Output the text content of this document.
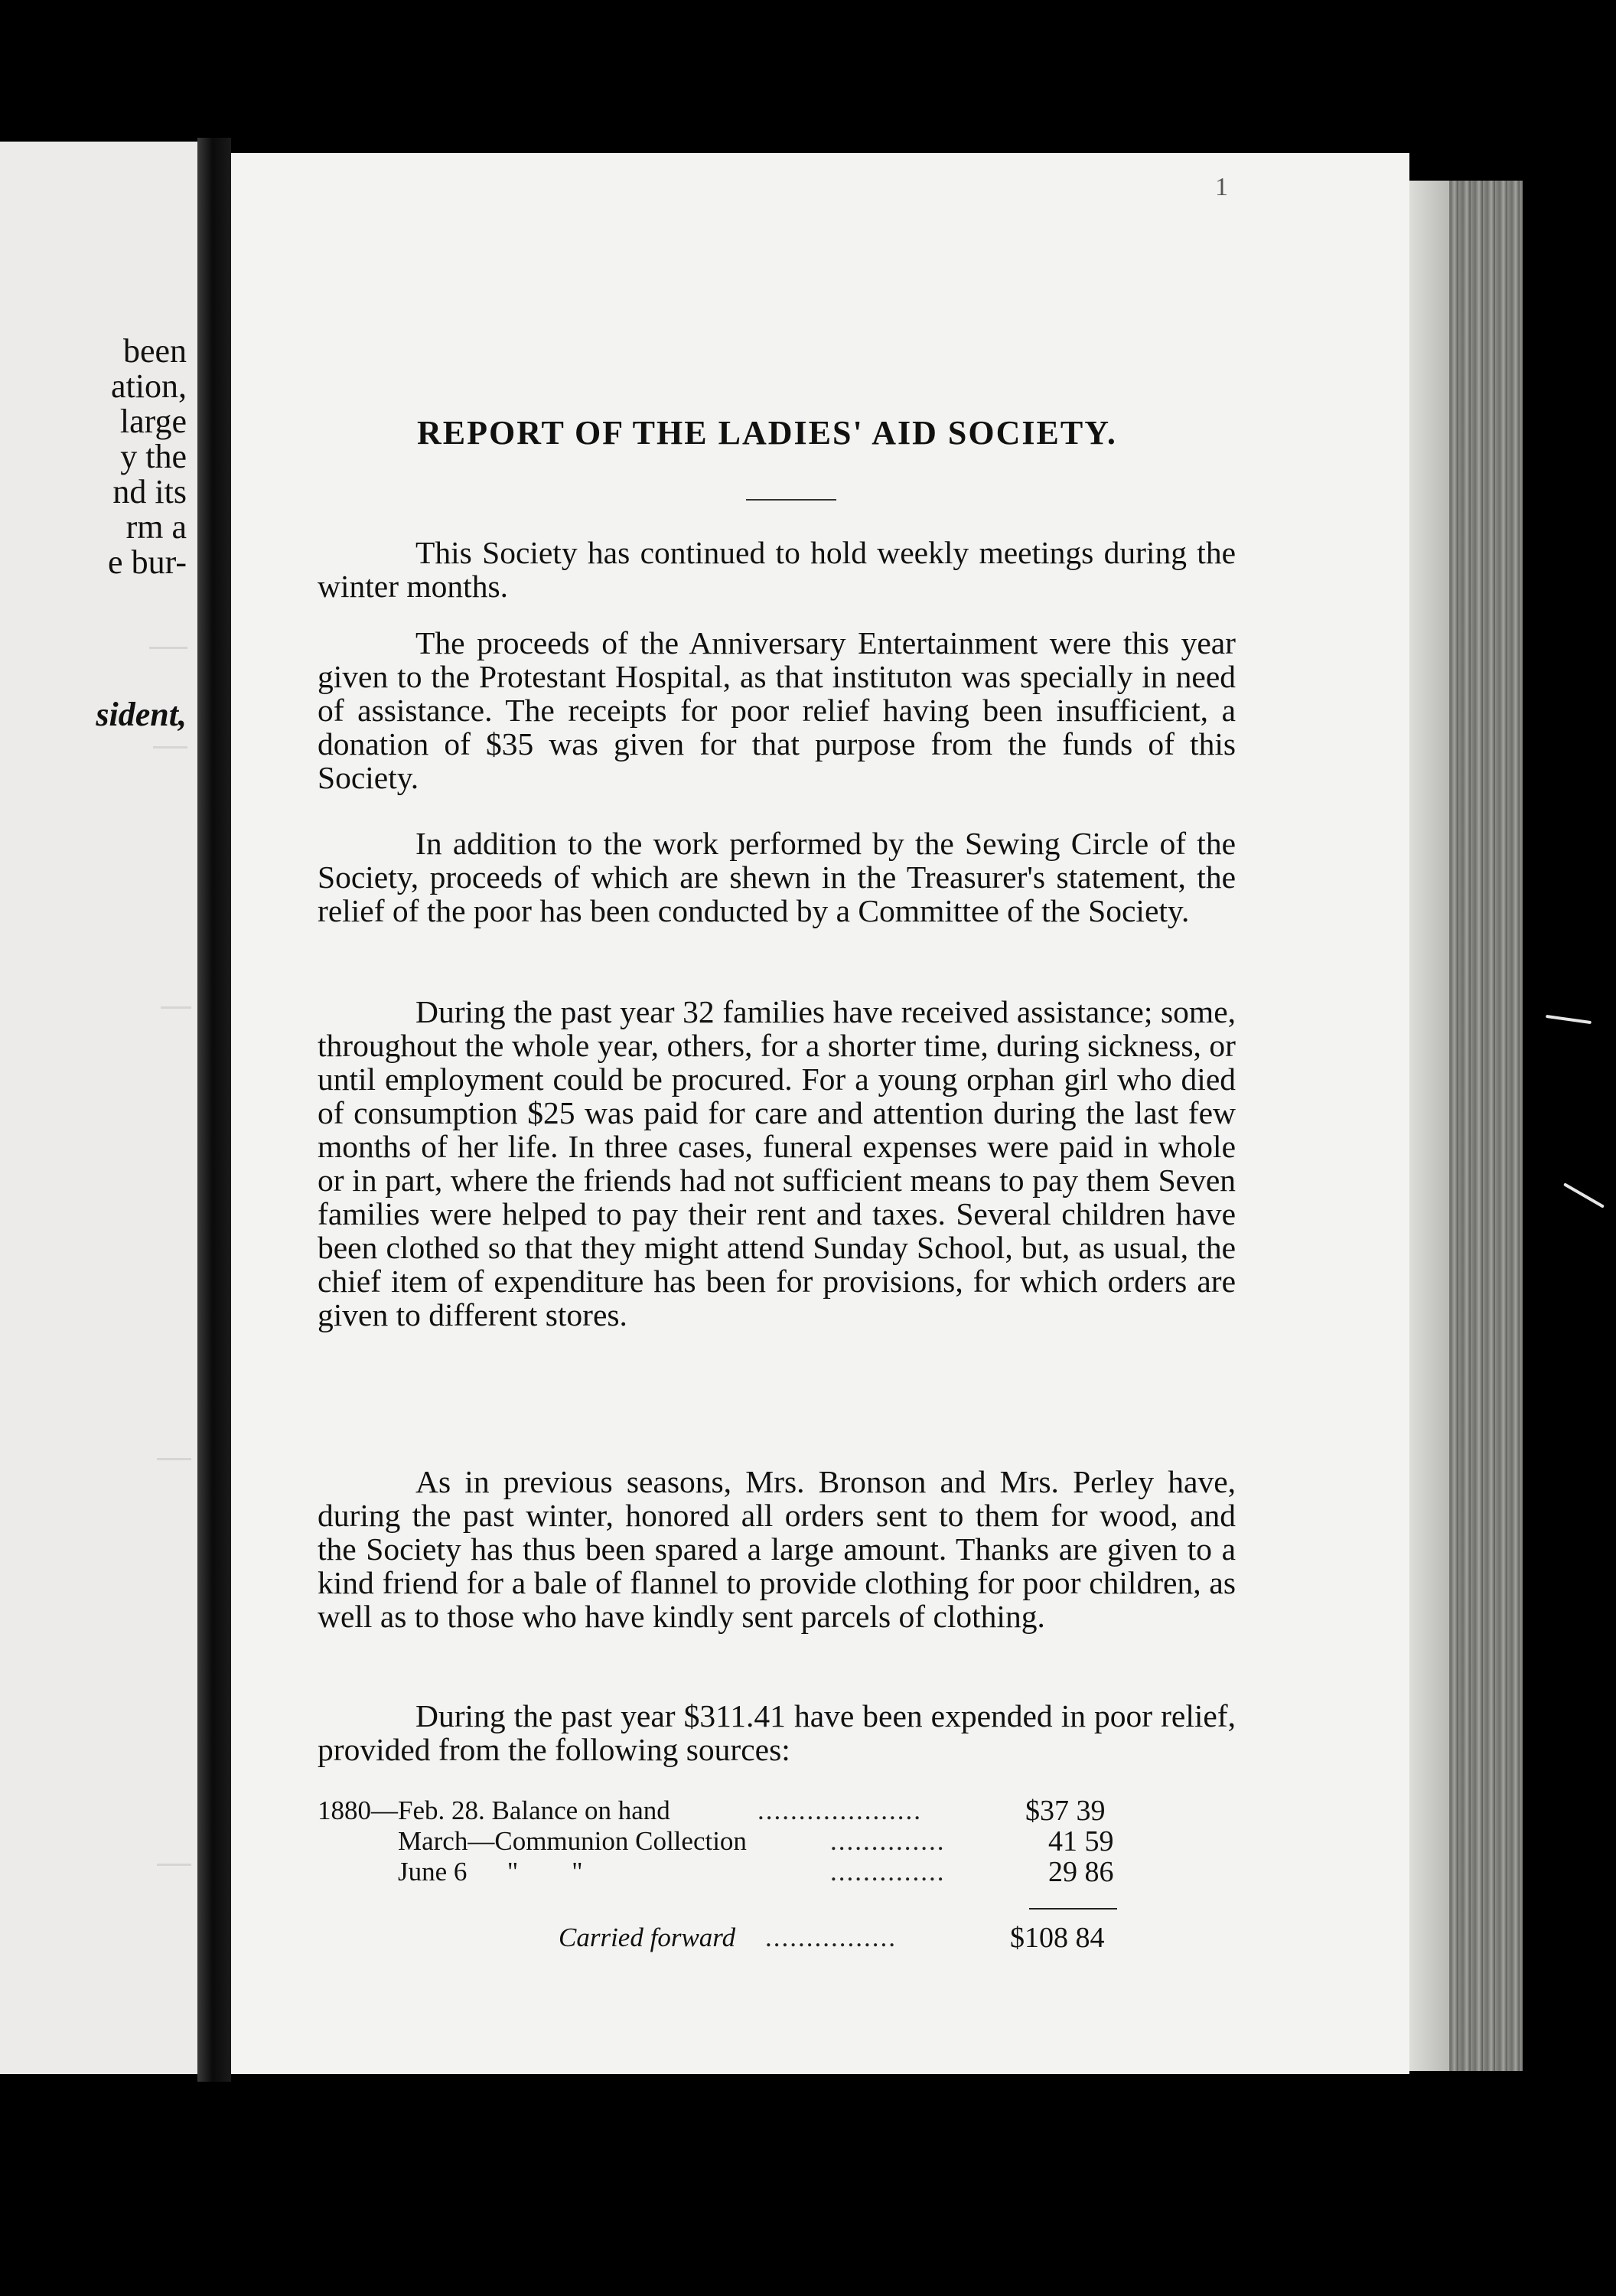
been
ation,
large
y the
nd its
rm a
e bur-
sident,
1
REPORT OF THE LADIES' AID SOCIETY.
This Society has continued to hold weekly meetings during the winter months.
The proceeds of the Anniversary Entertainment were this year given to the Protestant Hospital, as that instituton was specially in need of assistance. The receipts for poor relief having been insufficient, a donation of $35 was given for that purpose from the funds of this Society.
In addition to the work performed by the Sewing Circle of the Society, proceeds of which are shewn in the Treasurer's statement, the relief of the poor has been conducted by a Committee of the Society.
During the past year 32 families have received assistance; some, throughout the whole year, others, for a shorter time, during sickness, or until employment could be procured. For a young orphan girl who died of consumption $25 was paid for care and attention during the last few months of her life. In three cases, funeral expenses were paid in whole or in part, where the friends had not sufficient means to pay them Seven families were helped to pay their rent and taxes. Several children have been clothed so that they might attend Sunday School, but, as usual, the chief item of expenditure has been for provisions, for which orders are given to different stores.
As in previous seasons, Mrs. Bronson and Mrs. Perley have, during the past winter, honored all orders sent to them for wood, and the Society has thus been spared a large amount. Thanks are given to a kind friend for a bale of flannel to provide clothing for poor children, as well as to those who have kindly sent parcels of clothing.
During the past year $311.41 have been expended in poor relief, provided from the following sources:
1880—Feb. 28. Balance on hand	....................	$37 39
March—Communion Collection	..............	41 59
June 6      "        "	..............	29 86
Carried forward ................	$108 84
